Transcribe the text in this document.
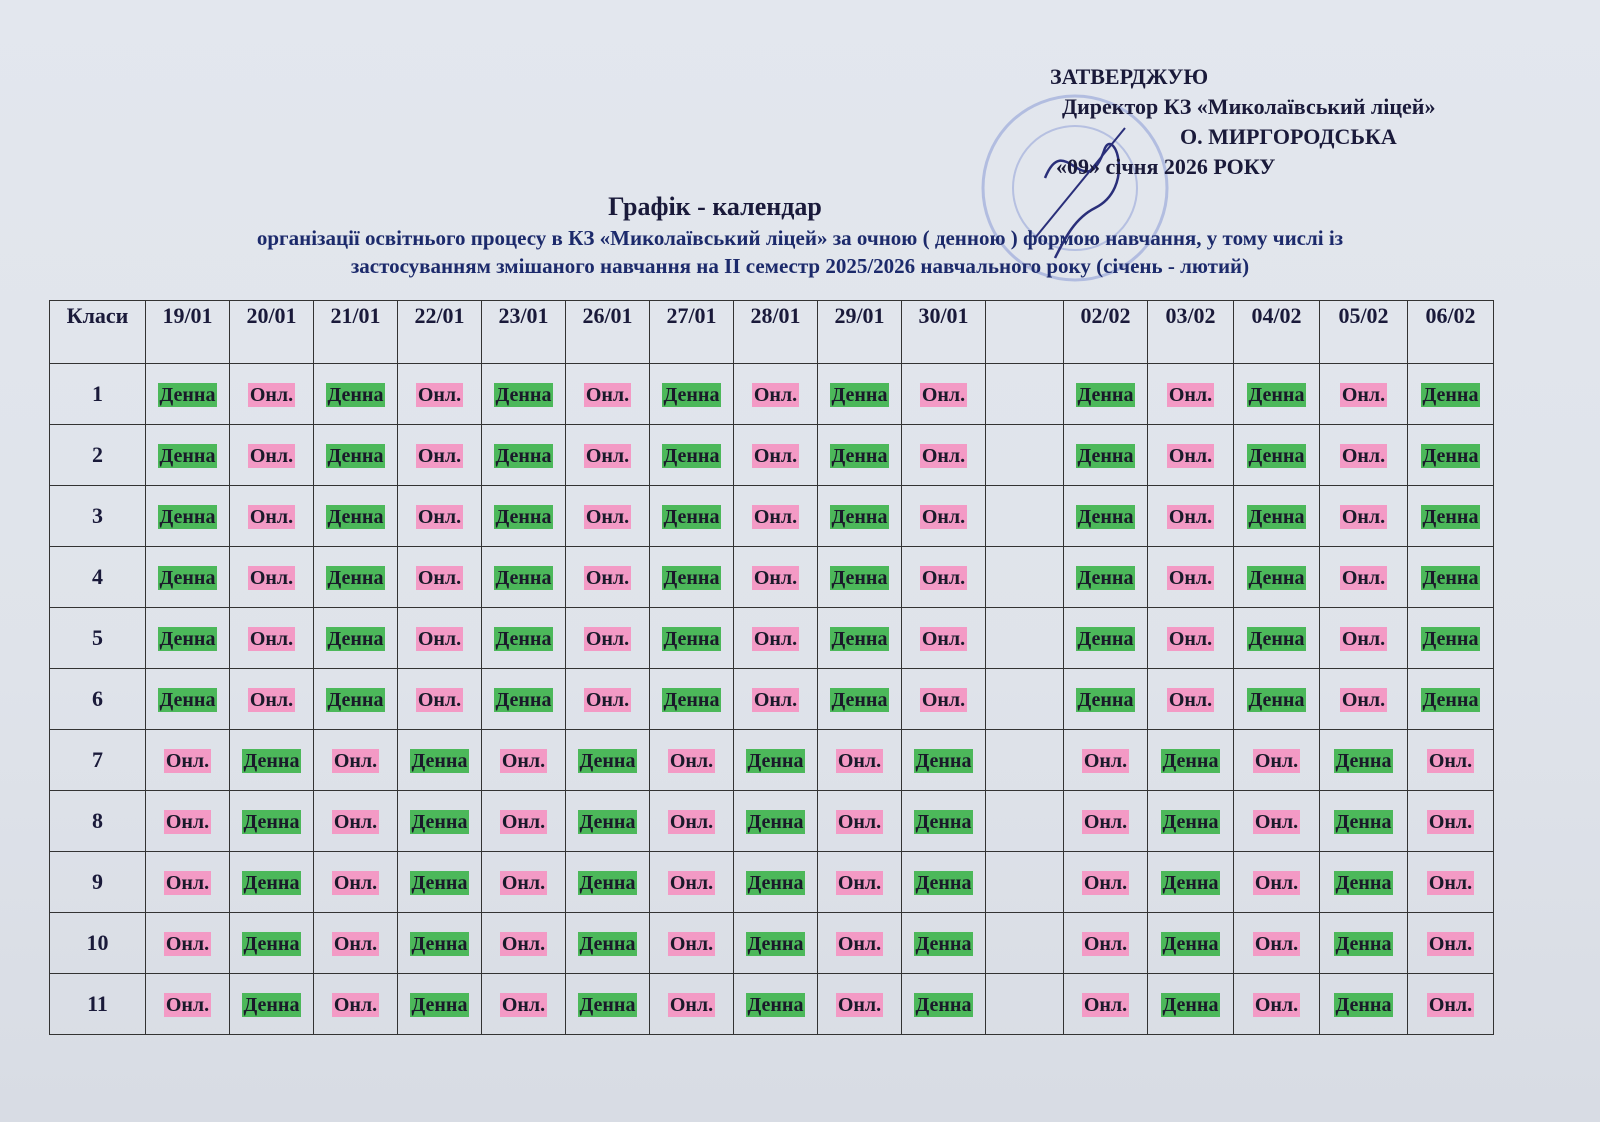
ЗАТВЕРДЖУЮ
Директор КЗ «Миколаївський ліцей»
О. МИРГОРОДСЬКА
«09» січня 2026 РОКУ
Графік - календар
організації освітнього процесу в КЗ «Миколаївський ліцей» за очною ( денною ) формою навчання, у тому числі із
застосуванням змішаного навчання на ІІ семестр 2025/2026 навчального року (січень - лютий)
Класи	19/01	20/01	21/01	22/01	23/01	26/01	27/01	28/01	29/01	30/01		02/02	03/02	04/02	05/02	06/02
1	Денна	Онл.	Денна	Онл.	Денна	Онл.	Денна	Онл.	Денна	Онл.		Денна	Онл.	Денна	Онл.	Денна
2	Денна	Онл.	Денна	Онл.	Денна	Онл.	Денна	Онл.	Денна	Онл.		Денна	Онл.	Денна	Онл.	Денна
3	Денна	Онл.	Денна	Онл.	Денна	Онл.	Денна	Онл.	Денна	Онл.		Денна	Онл.	Денна	Онл.	Денна
4	Денна	Онл.	Денна	Онл.	Денна	Онл.	Денна	Онл.	Денна	Онл.		Денна	Онл.	Денна	Онл.	Денна
5	Денна	Онл.	Денна	Онл.	Денна	Онл.	Денна	Онл.	Денна	Онл.		Денна	Онл.	Денна	Онл.	Денна
6	Денна	Онл.	Денна	Онл.	Денна	Онл.	Денна	Онл.	Денна	Онл.		Денна	Онл.	Денна	Онл.	Денна
7	Онл.	Денна	Онл.	Денна	Онл.	Денна	Онл.	Денна	Онл.	Денна		Онл.	Денна	Онл.	Денна	Онл.
8	Онл.	Денна	Онл.	Денна	Онл.	Денна	Онл.	Денна	Онл.	Денна		Онл.	Денна	Онл.	Денна	Онл.
9	Онл.	Денна	Онл.	Денна	Онл.	Денна	Онл.	Денна	Онл.	Денна		Онл.	Денна	Онл.	Денна	Онл.
10	Онл.	Денна	Онл.	Денна	Онл.	Денна	Онл.	Денна	Онл.	Денна		Онл.	Денна	Онл.	Денна	Онл.
11	Онл.	Денна	Онл.	Денна	Онл.	Денна	Онл.	Денна	Онл.	Денна		Онл.	Денна	Онл.	Денна	Онл.
